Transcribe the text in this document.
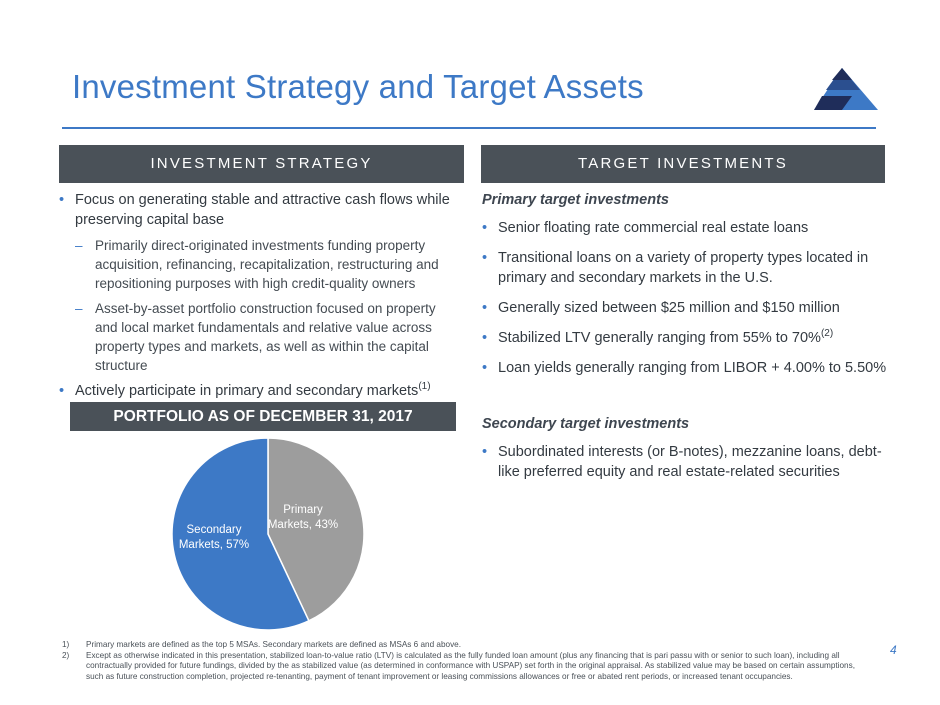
Investment Strategy and Target Assets
INVESTMENT STRATEGY	TARGET INVESTMENTS
• Focus on generating stable and attractive cash flows while preserving capital base
– Primarily direct-originated investments funding property acquisition, refinancing, recapitalization, restructuring and repositioning purposes with high credit-quality owners
– Asset-by-asset portfolio construction focused on property and local market fundamentals and relative value across property types and markets, as well as within the capital structure
• Actively participate in primary and secondary markets$^{(1)}$
PORTFOLIO AS OF DECEMBER 31, 2017
Primary
Markets, 43%
Secondary
Markets, 57%
Primary target investments
• Senior floating rate commercial real estate loans
• Transitional loans on a variety of property types located in primary and secondary markets in the U.S.
• Generally sized between $25 million and $150 million
• Stabilized LTV generally ranging from 55% to 70%$^{(2)}$
• Loan yields generally ranging from LIBOR + 4.00% to 5.50%
Secondary target investments
• Subordinated interests (or B-notes), mezzanine loans, debt-like preferred equity and real estate-related securities
1) Primary markets are defined as the top 5 MSAs. Secondary markets are defined as MSAs 6 and above.
2) Except as otherwise indicated in this presentation, stabilized loan-to-value ratio (LTV) is calculated as the fully funded loan amount (plus any financing that is pari passu with or senior to such loan), including all contractually provided for future fundings, divided by the as stabilized value (as determined in conformance with USPAP) set forth in the original appraisal. As stabilized value may be based on certain assumptions, such as future construction completion, projected re-tenanting, payment of tenant improvement or leasing commissions allowances or free or abated rent periods, or increased tenant occupancies.
4
